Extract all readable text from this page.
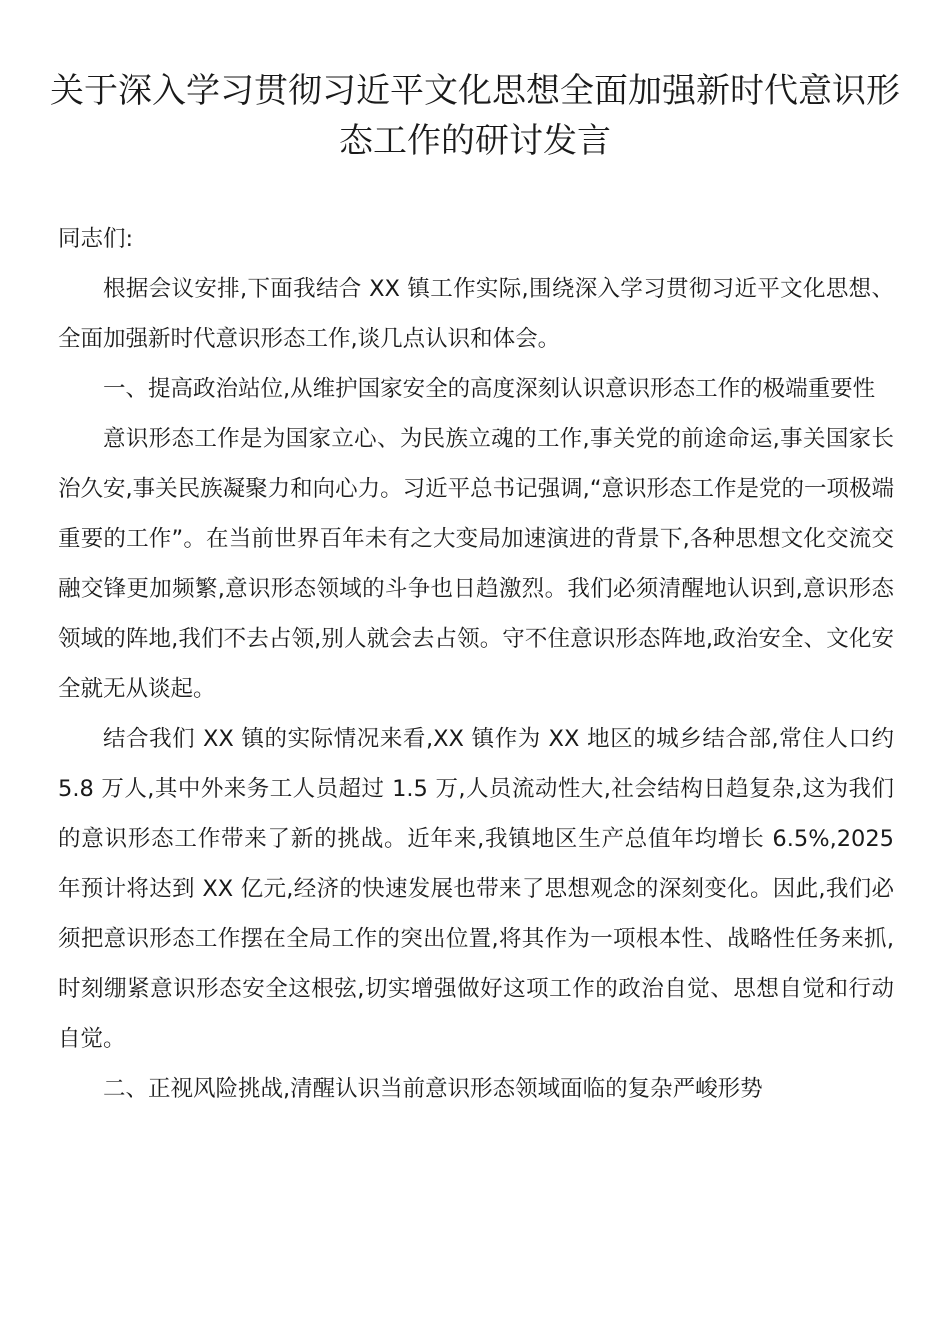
关于深入学习贯彻习近平文化思想全面加强新时代意识形态工作的研讨发言

同志们:

根据会议安排,下面我结合 XX 镇工作实际,围绕深入学习贯彻习近平文化思想、全面加强新时代意识形态工作,谈几点认识和体会。

一、提高政治站位,从维护国家安全的高度深刻认识意识形态工作的极端重要性

意识形态工作是为国家立心、为民族立魂的工作,事关党的前途命运,事关国家长治久安,事关民族凝聚力和向心力。习近平总书记强调,“意识形态工作是党的一项极端重要的工作”。在当前世界百年未有之大变局加速演进的背景下,各种思想文化交流交融交锋更加频繁,意识形态领域的斗争也日趋激烈。我们必须清醒地认识到,意识形态领域的阵地,我们不去占领,别人就会去占领。守不住意识形态阵地,政治安全、文化安全就无从谈起。

结合我们 XX 镇的实际情况来看,XX 镇作为 XX 地区的城乡结合部,常住人口约 5.8 万人,其中外来务工人员超过 1.5 万,人员流动性大,社会结构日趋复杂,这为我们的意识形态工作带来了新的挑战。近年来,我镇地区生产总值年均增长 6.5%,2025 年预计将达到 XX 亿元,经济的快速发展也带来了思想观念的深刻变化。因此,我们必须把意识形态工作摆在全局工作的突出位置,将其作为一项根本性、战略性任务来抓,时刻绷紧意识形态安全这根弦,切实增强做好这项工作的政治自觉、思想自觉和行动自觉。

二、正视风险挑战,清醒认识当前意识形态领域面临的复杂严峻形势
